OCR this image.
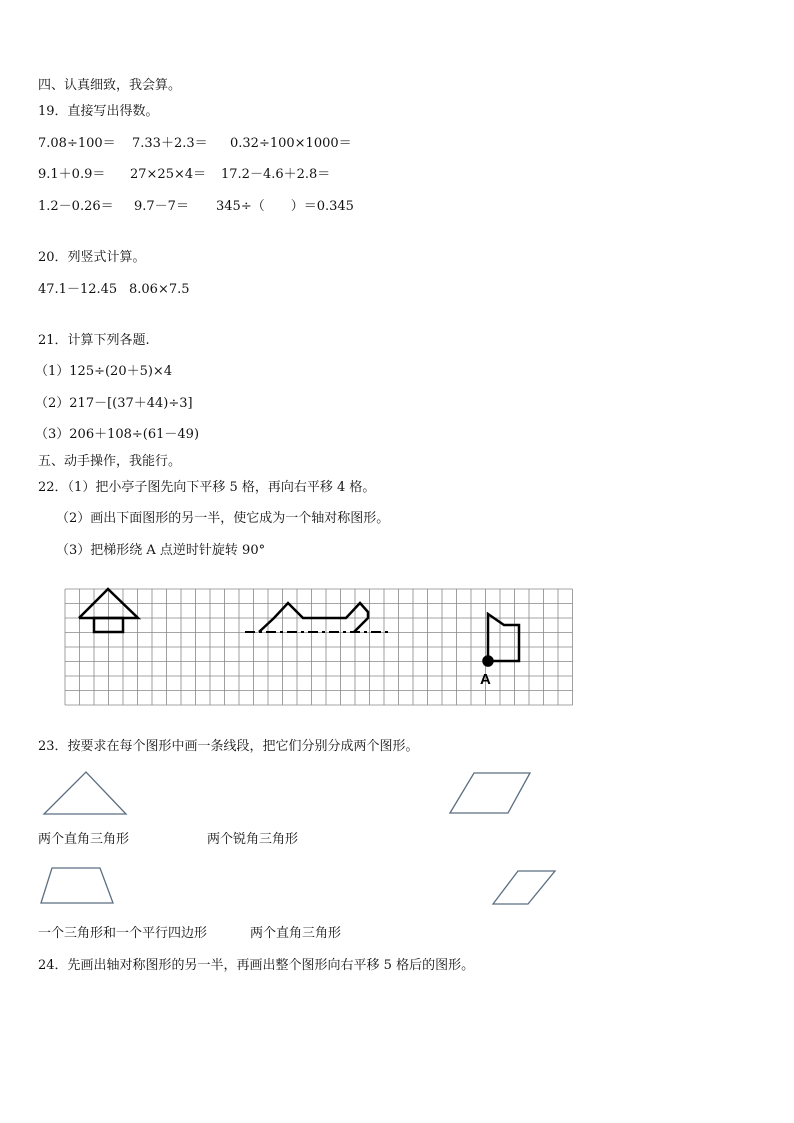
四、认真细致，我会算。
19．直接写出得数。
7.08÷100＝ 7.33＋2.3＝ 0.32÷100×1000＝
9.1＋0.9＝ 27×25×4＝ 17.2－4.6＋2.8＝
1.2－0.26＝ 9.7－7＝ 345÷（　　）＝0.345
20．列竖式计算。
47.1－12.45 8.06×7.5
21．计算下列各题.
（1）125÷(20＋5)×4
（2）217－[(37＋44)÷3]
（3）206＋108÷(61－49)
五、动手操作，我能行。
22．（1）把小亭子图先向下平移 5 格，再向右平移 4 格。
（2）画出下面图形的另一半，使它成为一个轴对称图形。
（3）把梯形绕 A 点逆时针旋转 90°
A
23．按要求在每个图形中画一条线段，把它们分别分成两个图形。
两个直角三角形	两个锐角三角形
一个三角形和一个平行四边形	两个直角三角形
24．先画出轴对称图形的另一半，再画出整个图形向右平移 5 格后的图形。
